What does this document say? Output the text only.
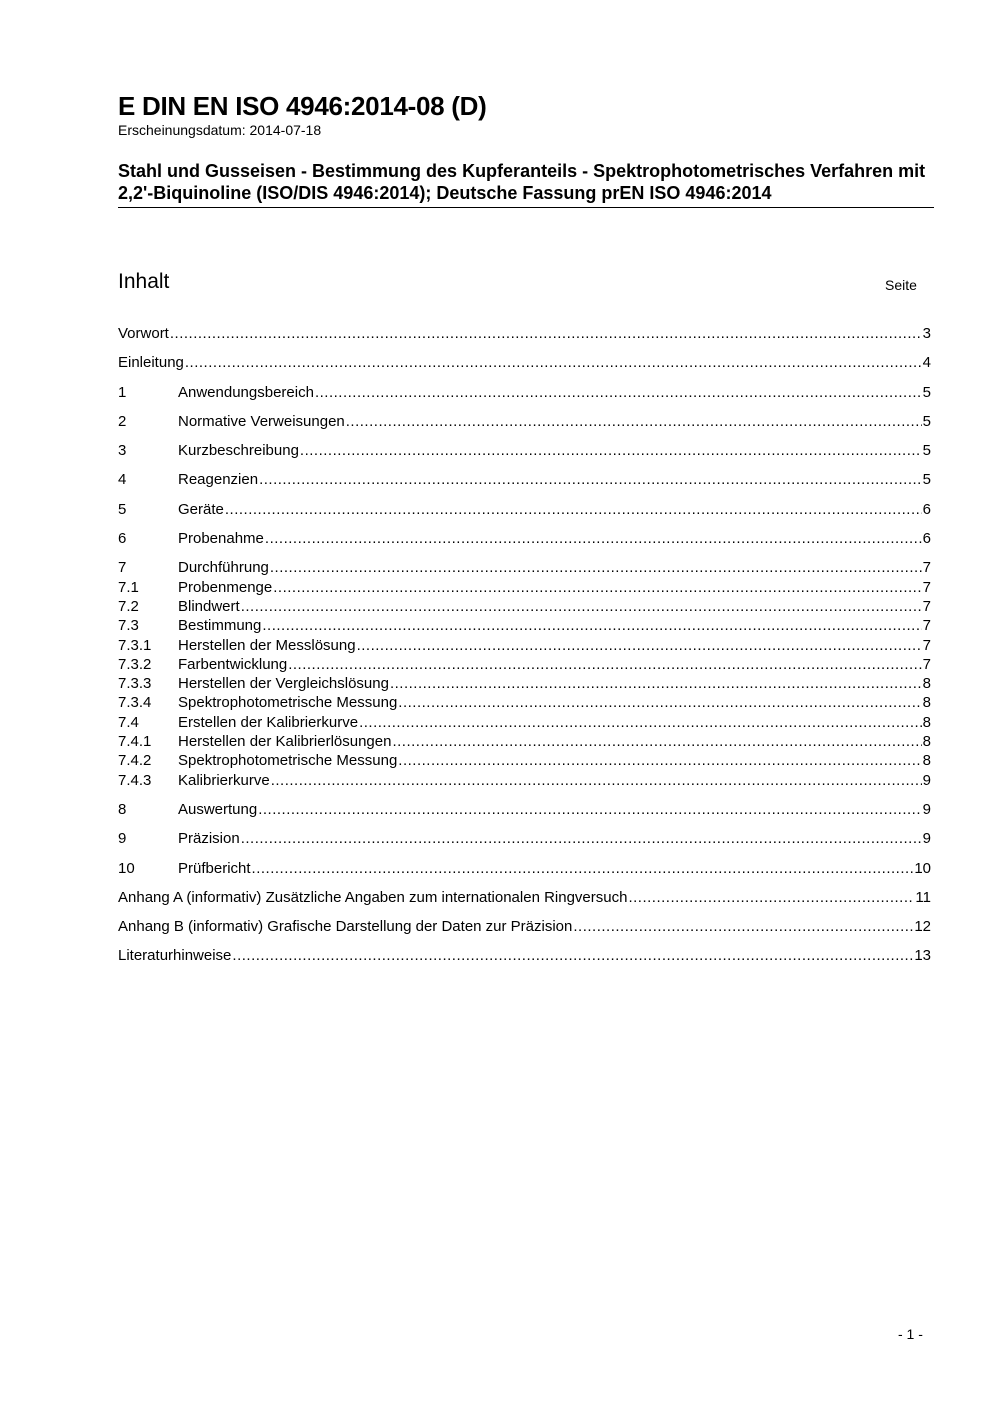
E DIN EN ISO 4946:2014-08 (D)
Erscheinungsdatum: 2014-07-18
Stahl und Gusseisen - Bestimmung des Kupferanteils - Spektrophotometrisches Verfahren mit 2,2'-Biquinoline (ISO/DIS 4946:2014); Deutsche Fassung prEN ISO 4946:2014
Inhalt	Seite
Vorwort .....	3
Einleitung .....	4
1	Anwendungsbereich .....	5
2	Normative Verweisungen .....	5
3	Kurzbeschreibung .....	5
4	Reagenzien .....	5
5	Geräte .....	6
6	Probenahme .....	6
7	Durchführung .....	7
7.1	Probenmenge .....	7
7.2	Blindwert .....	7
7.3	Bestimmung .....	7
7.3.1	Herstellen der Messlösung .....	7
7.3.2	Farbentwicklung .....	7
7.3.3	Herstellen der Vergleichslösung .....	8
7.3.4	Spektrophotometrische Messung .....	8
7.4	Erstellen der Kalibrierkurve .....	8
7.4.1	Herstellen der Kalibrierlösungen .....	8
7.4.2	Spektrophotometrische Messung .....	8
7.4.3	Kalibrierkurve .....	9
8	Auswertung .....	9
9	Präzision .....	9
10	Prüfbericht .....	10
Anhang A (informativ) Zusätzliche Angaben zum internationalen Ringversuch .....	11
Anhang B (informativ) Grafische Darstellung der Daten zur Präzision .....	12
Literaturhinweise .....	13
- 1 -
